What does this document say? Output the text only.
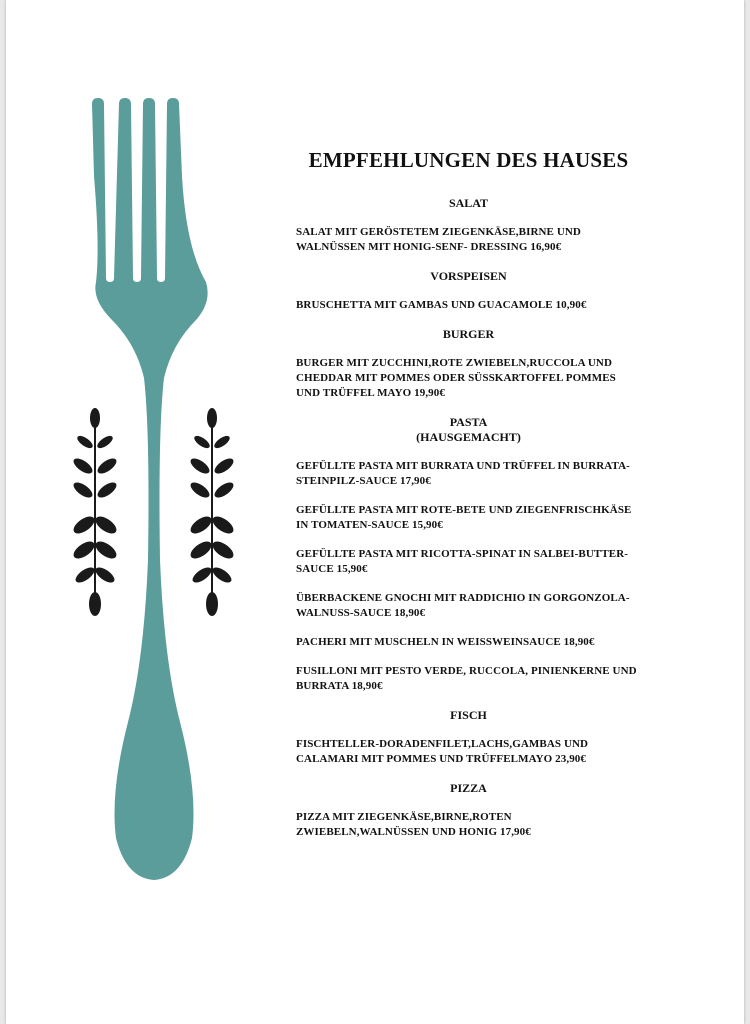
EMPFEHLUNGEN DES HAUSES
SALAT
SALAT MIT GERÖSTETEM ZIEGENKÄSE,BIRNE UND WALNÜSSEN MIT HONIG-SENF- DRESSING 16,90€
VORSPEISEN
BRUSCHETTA MIT GAMBAS UND GUACAMOLE 10,90€
BURGER
BURGER MIT ZUCCHINI,ROTE ZWIEBELN,RUCCOLA UND CHEDDAR MIT POMMES ODER SÜSSKARTOFFEL POMMES UND TRÜFFEL MAYO 19,90€
PASTA
(HAUSGEMACHT)
GEFÜLLTE PASTA MIT BURRATA UND TRÜFFEL IN BURRATA-STEINPILZ-SAUCE 17,90€
GEFÜLLTE PASTA MIT ROTE-BETE UND ZIEGENFRISCHKÄSE IN TOMATEN-SAUCE 15,90€
GEFÜLLTE PASTA MIT RICOTTA-SPINAT IN SALBEI-BUTTER-SAUCE 15,90€
ÜBERBACKENE GNOCHI MIT RADDICHIO IN GORGONZOLA-WALNUSS-SAUCE 18,90€
PACHERI MIT MUSCHELN IN WEISSWEINSAUCE 18,90€
FUSILLONI MIT PESTO VERDE, RUCCOLA, PINIENKERNE UND BURRATA 18,90€
FISCH
FISCHTELLER-DORADENFILET,LACHS,GAMBAS UND CALAMARI MIT POMMES UND TRÜFFELMAYO 23,90€
PIZZA
PIZZA MIT ZIEGENKÄSE,BIRNE,ROTEN ZWIEBELN,WALNÜSSEN UND HONIG 17,90€
